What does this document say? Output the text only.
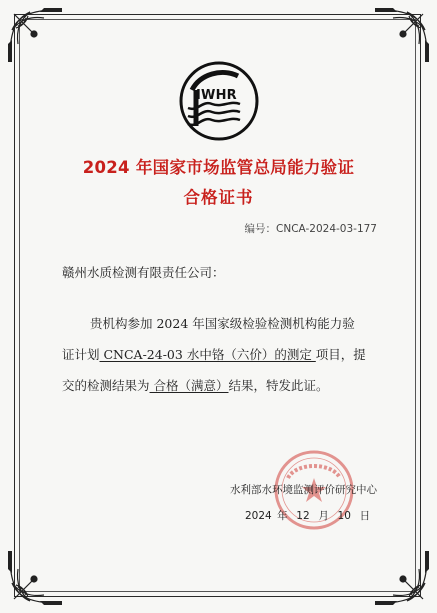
IWHR
2024 年国家市场监管总局能力验证
合格证书
编号：CNCA-2024-03-177
赣州水质检测有限责任公司：
贵机构参加 2024 年国家级检验检测机构能力验
证计划 CNCA-24-03 水中铬（六价）的测定 项目，提
交的检测结果为 合格（满意）结果，特发此证。
水利部水环境监测评价研究中心
2024 年 12 月 10 日
